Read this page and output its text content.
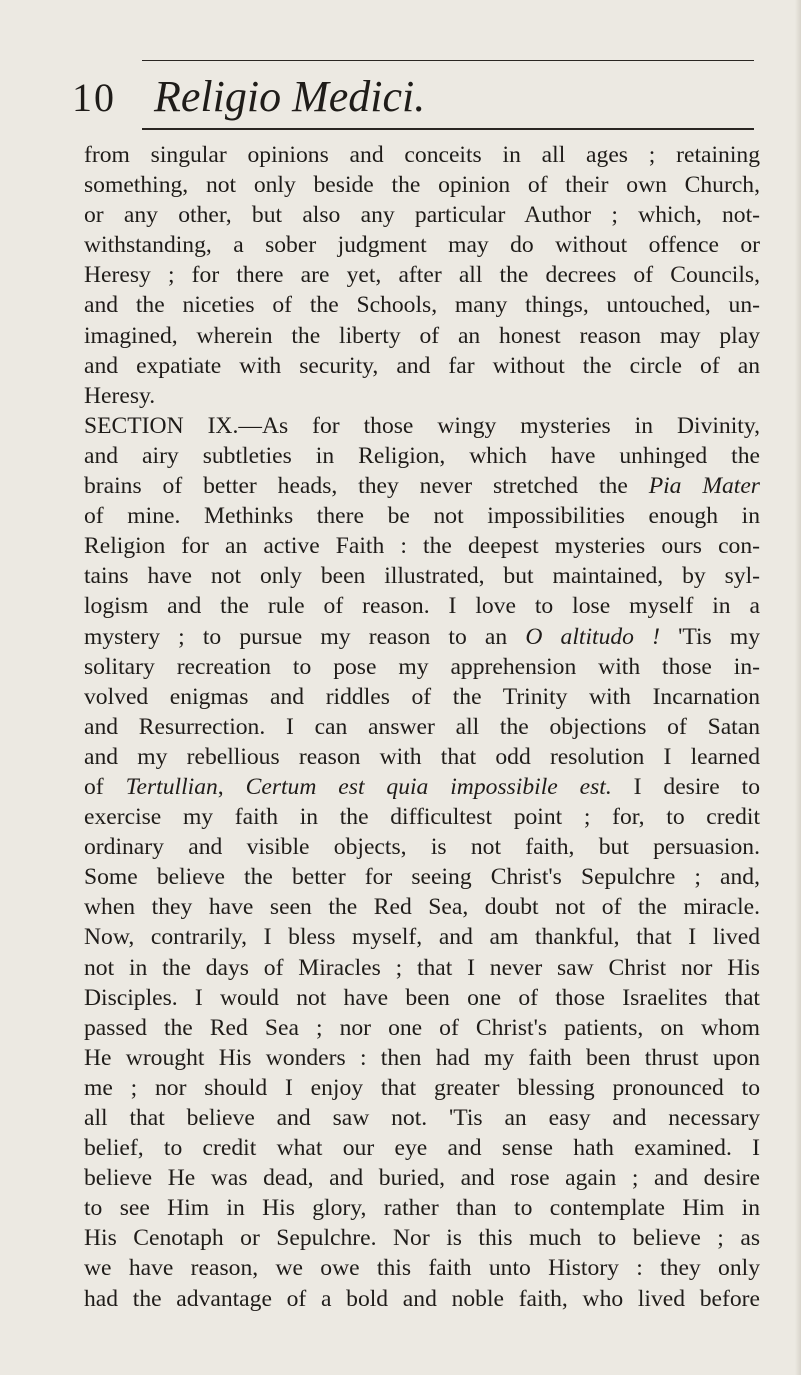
10 Religio Medici.

from singular opinions and conceits in all ages ; retaining

something, not only beside the opinion of their own Church,

or any other, but also any particular Author ; which, not-

withstanding, a sober judgment may do without offence or

Heresy ; for there are yet, after all the decrees of Councils,

and the niceties of the Schools, many things, untouched, un-

imagined, wherein the liberty of an honest reason may play

and expatiate with security, and far without the circle of an

Heresy.

SECTION IX.—As for those wingy mysteries in Divinity,

and airy subtleties in Religion, which have unhinged the

brains of better heads, they never stretched the Pia Mater

of mine. Methinks there be not impossibilities enough in

Religion for an active Faith : the deepest mysteries ours con-

tains have not only been illustrated, but maintained, by syl-

logism and the rule of reason. I love to lose myself in a

mystery ; to pursue my reason to an O altitudo ! 'Tis my

solitary recreation to pose my apprehension with those in-

volved enigmas and riddles of the Trinity with Incarnation

and Resurrection. I can answer all the objections of Satan

and my rebellious reason with that odd resolution I learned

of Tertullian, Certum est quia impossibile est. I desire to

exercise my faith in the difficultest point ; for, to credit

ordinary and visible objects, is not faith, but persuasion.

Some believe the better for seeing Christ's Sepulchre ; and,

when they have seen the Red Sea, doubt not of the miracle.

Now, contrarily, I bless myself, and am thankful, that I lived

not in the days of Miracles ; that I never saw Christ nor His

Disciples. I would not have been one of those Israelites that

passed the Red Sea ; nor one of Christ's patients, on whom

He wrought His wonders : then had my faith been thrust upon

me ; nor should I enjoy that greater blessing pronounced to

all that believe and saw not. 'Tis an easy and necessary

belief, to credit what our eye and sense hath examined. I

believe He was dead, and buried, and rose again ; and desire

to see Him in His glory, rather than to contemplate Him in

His Cenotaph or Sepulchre. Nor is this much to believe ; as

we have reason, we owe this faith unto History : they only

had the advantage of a bold and noble faith, who lived before
